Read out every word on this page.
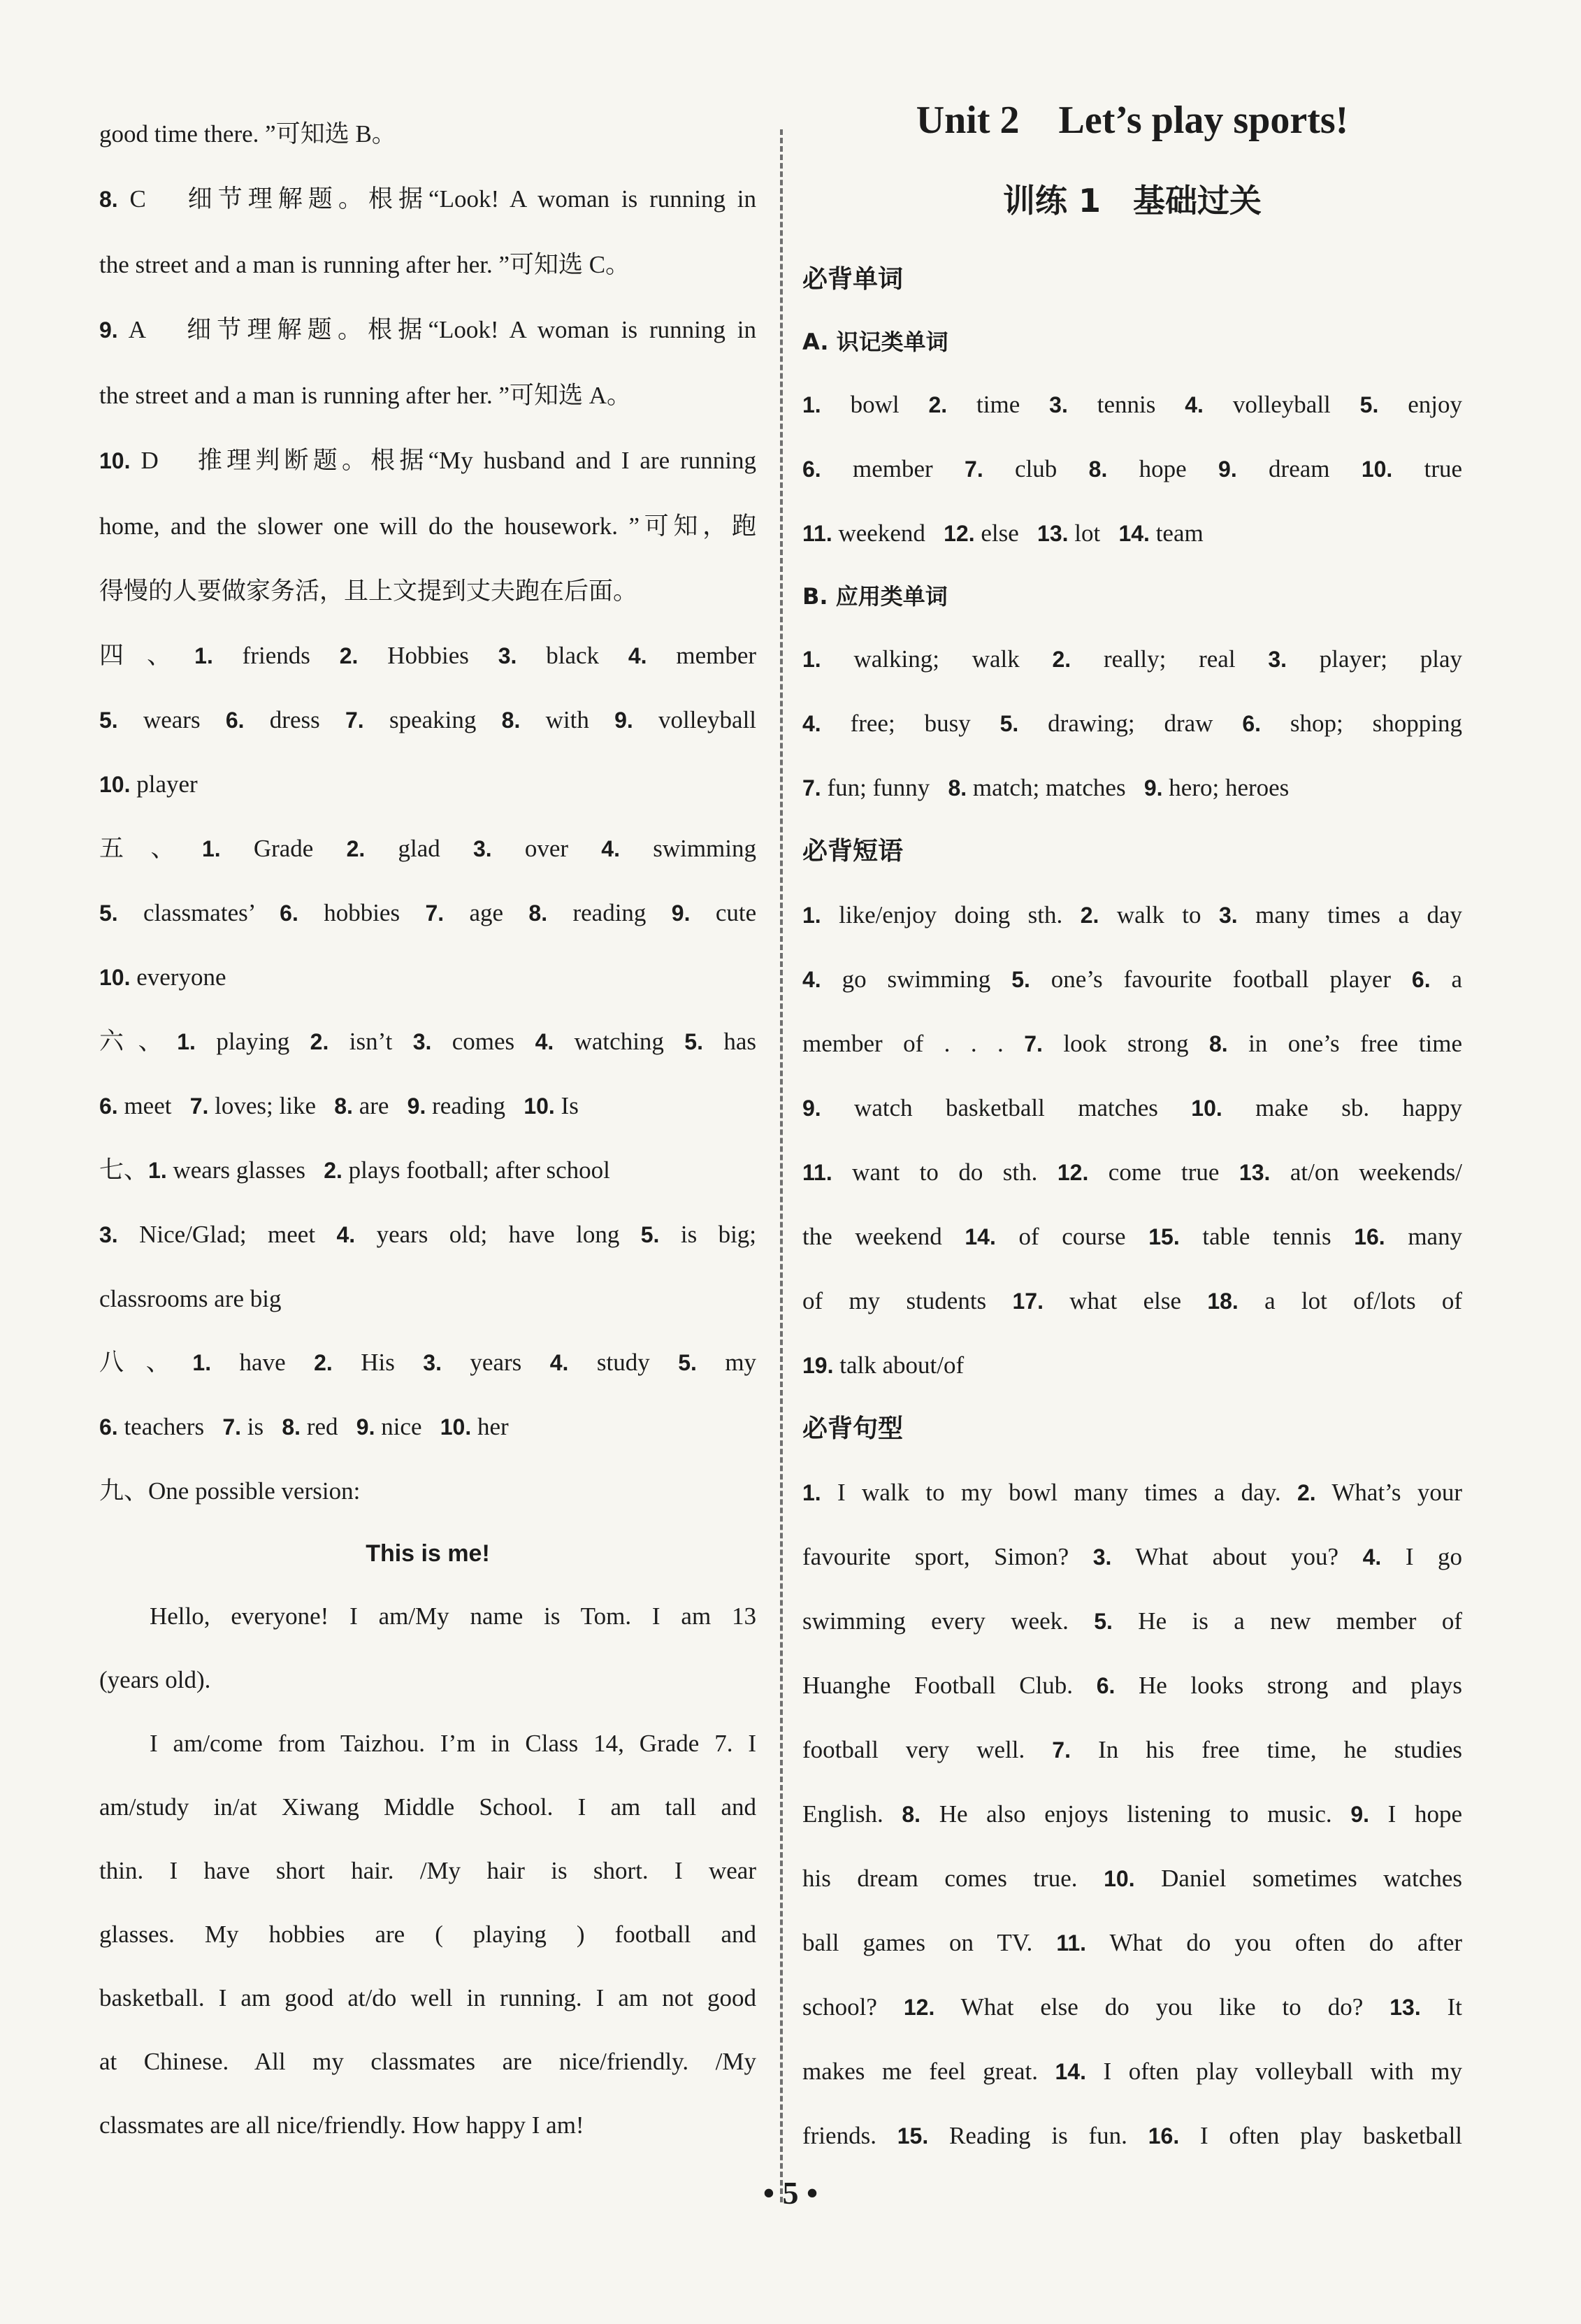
good time there. ”可知选 B。

8. C 　细节理解题。根据“Look! A woman is running in

the street and a man is running after her. ”可知选 C。

9. A 　细节理解题。根据“Look! A woman is running in

the street and a man is running after her. ”可知选 A。

10. D 　推理判断题。根据“My husband and I are running

home, and the slower one will do the housework. ”可知，跑

得慢的人要做家务活，且上文提到丈夫跑在后面。

四、1. friends 2. Hobbies 3. black 4. member

5. wears 6. dress 7. speaking 8. with 9. volleyball

10. player

五、1. Grade 2. glad 3. over 4. swimming

5. classmates’ 6. hobbies 7. age 8. reading 9. cute

10. everyone

六、1. playing 2. isn’t 3. comes 4. watching 5. has

6. meet 7. loves; like 8. are 9. reading 10. Is

七、1. wears glasses 2. plays football; after school

3. Nice/Glad; meet 4. years old; have long 5. is big;

classrooms are big

八、1. have 2. His 3. years 4. study 5. my

6. teachers 7. is 8. red 9. nice 10. her

九、One possible version:

This is me!

Hello, everyone! I am/My name is Tom. I am 13

(years old).

I am/come from Taizhou. I’m in Class 14, Grade 7. I

am/study in/at Xiwang Middle School. I am tall and

thin. I have short hair. /My hair is short. I wear

glasses. My hobbies are ( playing ) football and

basketball. I am good at/do well in running. I am not good

at Chinese. All my classmates are nice/friendly. /My

classmates are all nice/friendly. How happy I am!

Unit 2　Let’s play sports!

训练 1　基础过关

必背单词

A. 识记类单词

1. bowl 2. time 3. tennis 4. volleyball 5. enjoy

6. member 7. club 8. hope 9. dream 10. true

11. weekend 12. else 13. lot 14. team

B. 应用类单词

1. walking; walk 2. really; real 3. player; play

4. free; busy 5. drawing; draw 6. shop; shopping

7. fun; funny 8. match; matches 9. hero; heroes

必背短语

1. like/enjoy doing sth. 2. walk to 3. many times a day

4. go swimming 5. one’s favourite football player 6. a

member of . . . 7. look strong 8. in one’s free time

9. watch basketball matches 10. make sb. happy

11. want to do sth. 12. come true 13. at/on weekends/

the weekend 14. of course 15. table tennis 16. many

of my students 17. what else 18. a lot of/lots of

19. talk about/of

必背句型

1. I walk to my bowl many times a day. 2. What’s your

favourite sport, Simon? 3. What about you? 4. I go

swimming every week. 5. He is a new member of

Huanghe Football Club. 6. He looks strong and plays

football very well. 7. In his free time, he studies

English. 8. He also enjoys listening to music. 9. I hope

his dream comes true. 10. Daniel sometimes watches

ball games on TV. 11. What do you often do after

school? 12. What else do you like to do? 13. It

makes me feel great. 14. I often play volleyball with my

friends. 15. Reading is fun. 16. I often play basketball

• 5 •
